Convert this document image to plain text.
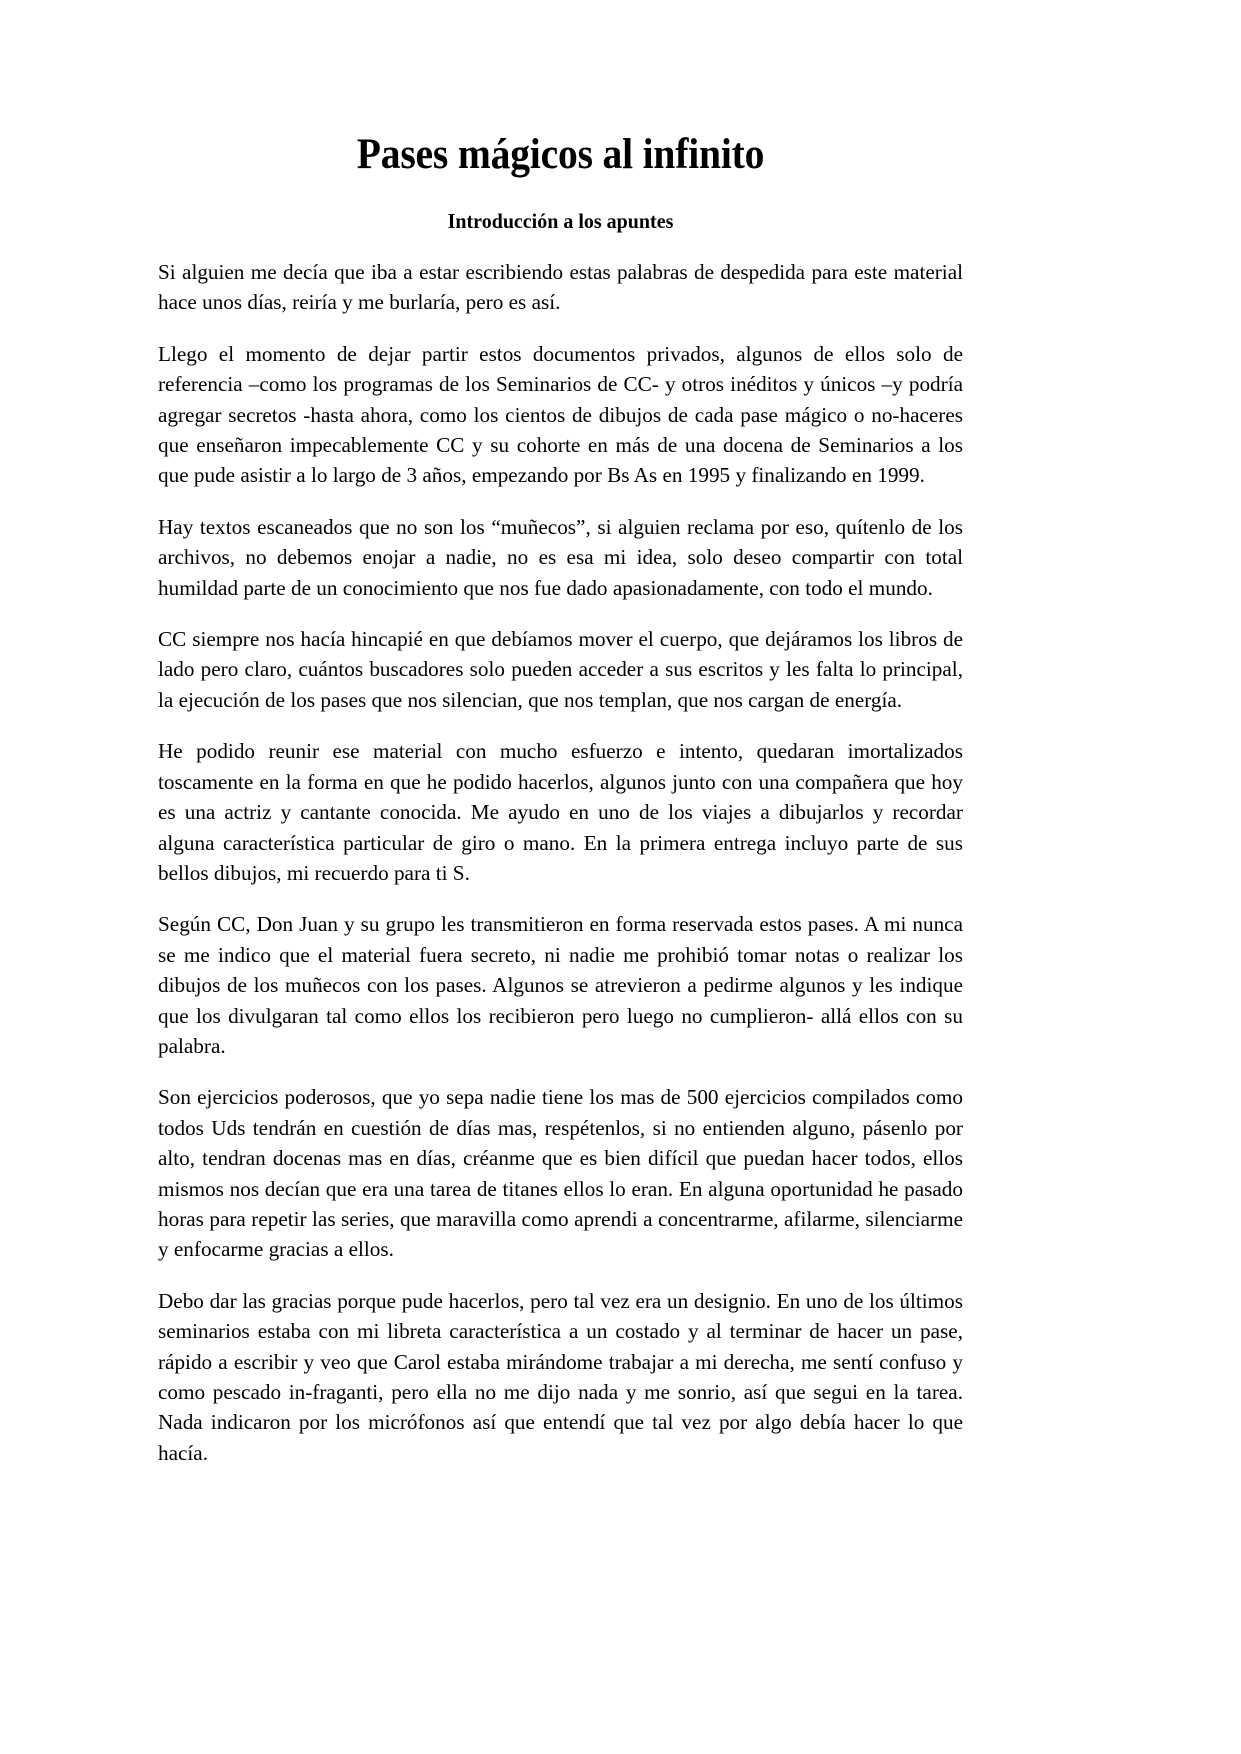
Pases mágicos al infinito
Introducción a los apuntes

Si alguien me decía que iba a estar escribiendo estas palabras de despedida para este material hace unos días, reiría y me burlaría, pero es así.

Llego el momento de dejar partir estos documentos privados, algunos de ellos solo de referencia –como los programas de los Seminarios de CC- y otros inéditos y únicos –y podría agregar secretos -hasta ahora, como los cientos de dibujos de cada pase mágico o no-haceres que enseñaron impecablemente CC y su cohorte en más de una docena de Seminarios a los que pude asistir a lo largo de 3 años, empezando por Bs As en 1995 y finalizando en 1999.

Hay textos escaneados que no son los “muñecos”, si alguien reclama por eso, quítenlo de los archivos, no debemos enojar a nadie, no es esa mi idea, solo deseo compartir con total humildad parte de un conocimiento que nos fue dado apasionadamente, con todo el mundo.

CC siempre nos hacía hincapié en que debíamos mover el cuerpo, que dejáramos los libros de lado pero claro, cuántos buscadores solo pueden acceder a sus escritos y les falta lo principal, la ejecución de los pases que nos silencian, que nos templan, que nos cargan de energía.

He podido reunir ese material con mucho esfuerzo e intento, quedaran imortalizados toscamente en la forma en que he podido hacerlos, algunos junto con una compañera que hoy es una actriz y cantante conocida. Me ayudo en uno de los viajes a dibujarlos y recordar alguna característica particular de giro o mano. En la primera entrega incluyo parte de sus bellos dibujos, mi recuerdo para ti S.

Según CC, Don Juan y su grupo les transmitieron en forma reservada estos pases. A mi nunca se me indico que el material fuera secreto, ni nadie me prohibió tomar notas o realizar los dibujos de los muñecos con los pases. Algunos se atrevieron a pedirme algunos y les indique que los divulgaran tal como ellos los recibieron pero luego no cumplieron- allá ellos con su palabra.

Son ejercicios poderosos, que yo sepa nadie tiene los mas de 500 ejercicios compilados como todos Uds tendrán en cuestión de días mas, respétenlos, si no entienden alguno, pásenlo por alto, tendran docenas mas en días, créanme que es bien difícil que puedan hacer todos, ellos mismos nos decían que era una tarea de titanes ellos lo eran. En alguna oportunidad he pasado horas para repetir las series, que maravilla como aprendi a concentrarme, afilarme, silenciarme y enfocarme gracias a ellos.

Debo dar las gracias porque pude hacerlos, pero tal vez era un designio. En uno de los últimos seminarios estaba con mi libreta característica a un costado y al terminar de hacer un pase, rápido a escribir y veo que Carol estaba mirándome trabajar a mi derecha, me sentí confuso y como pescado in-fraganti, pero ella no me dijo nada y me sonrio, así que segui en la tarea. Nada indicaron por los micrófonos así que entendí que tal vez por algo debía hacer lo que hacía.
